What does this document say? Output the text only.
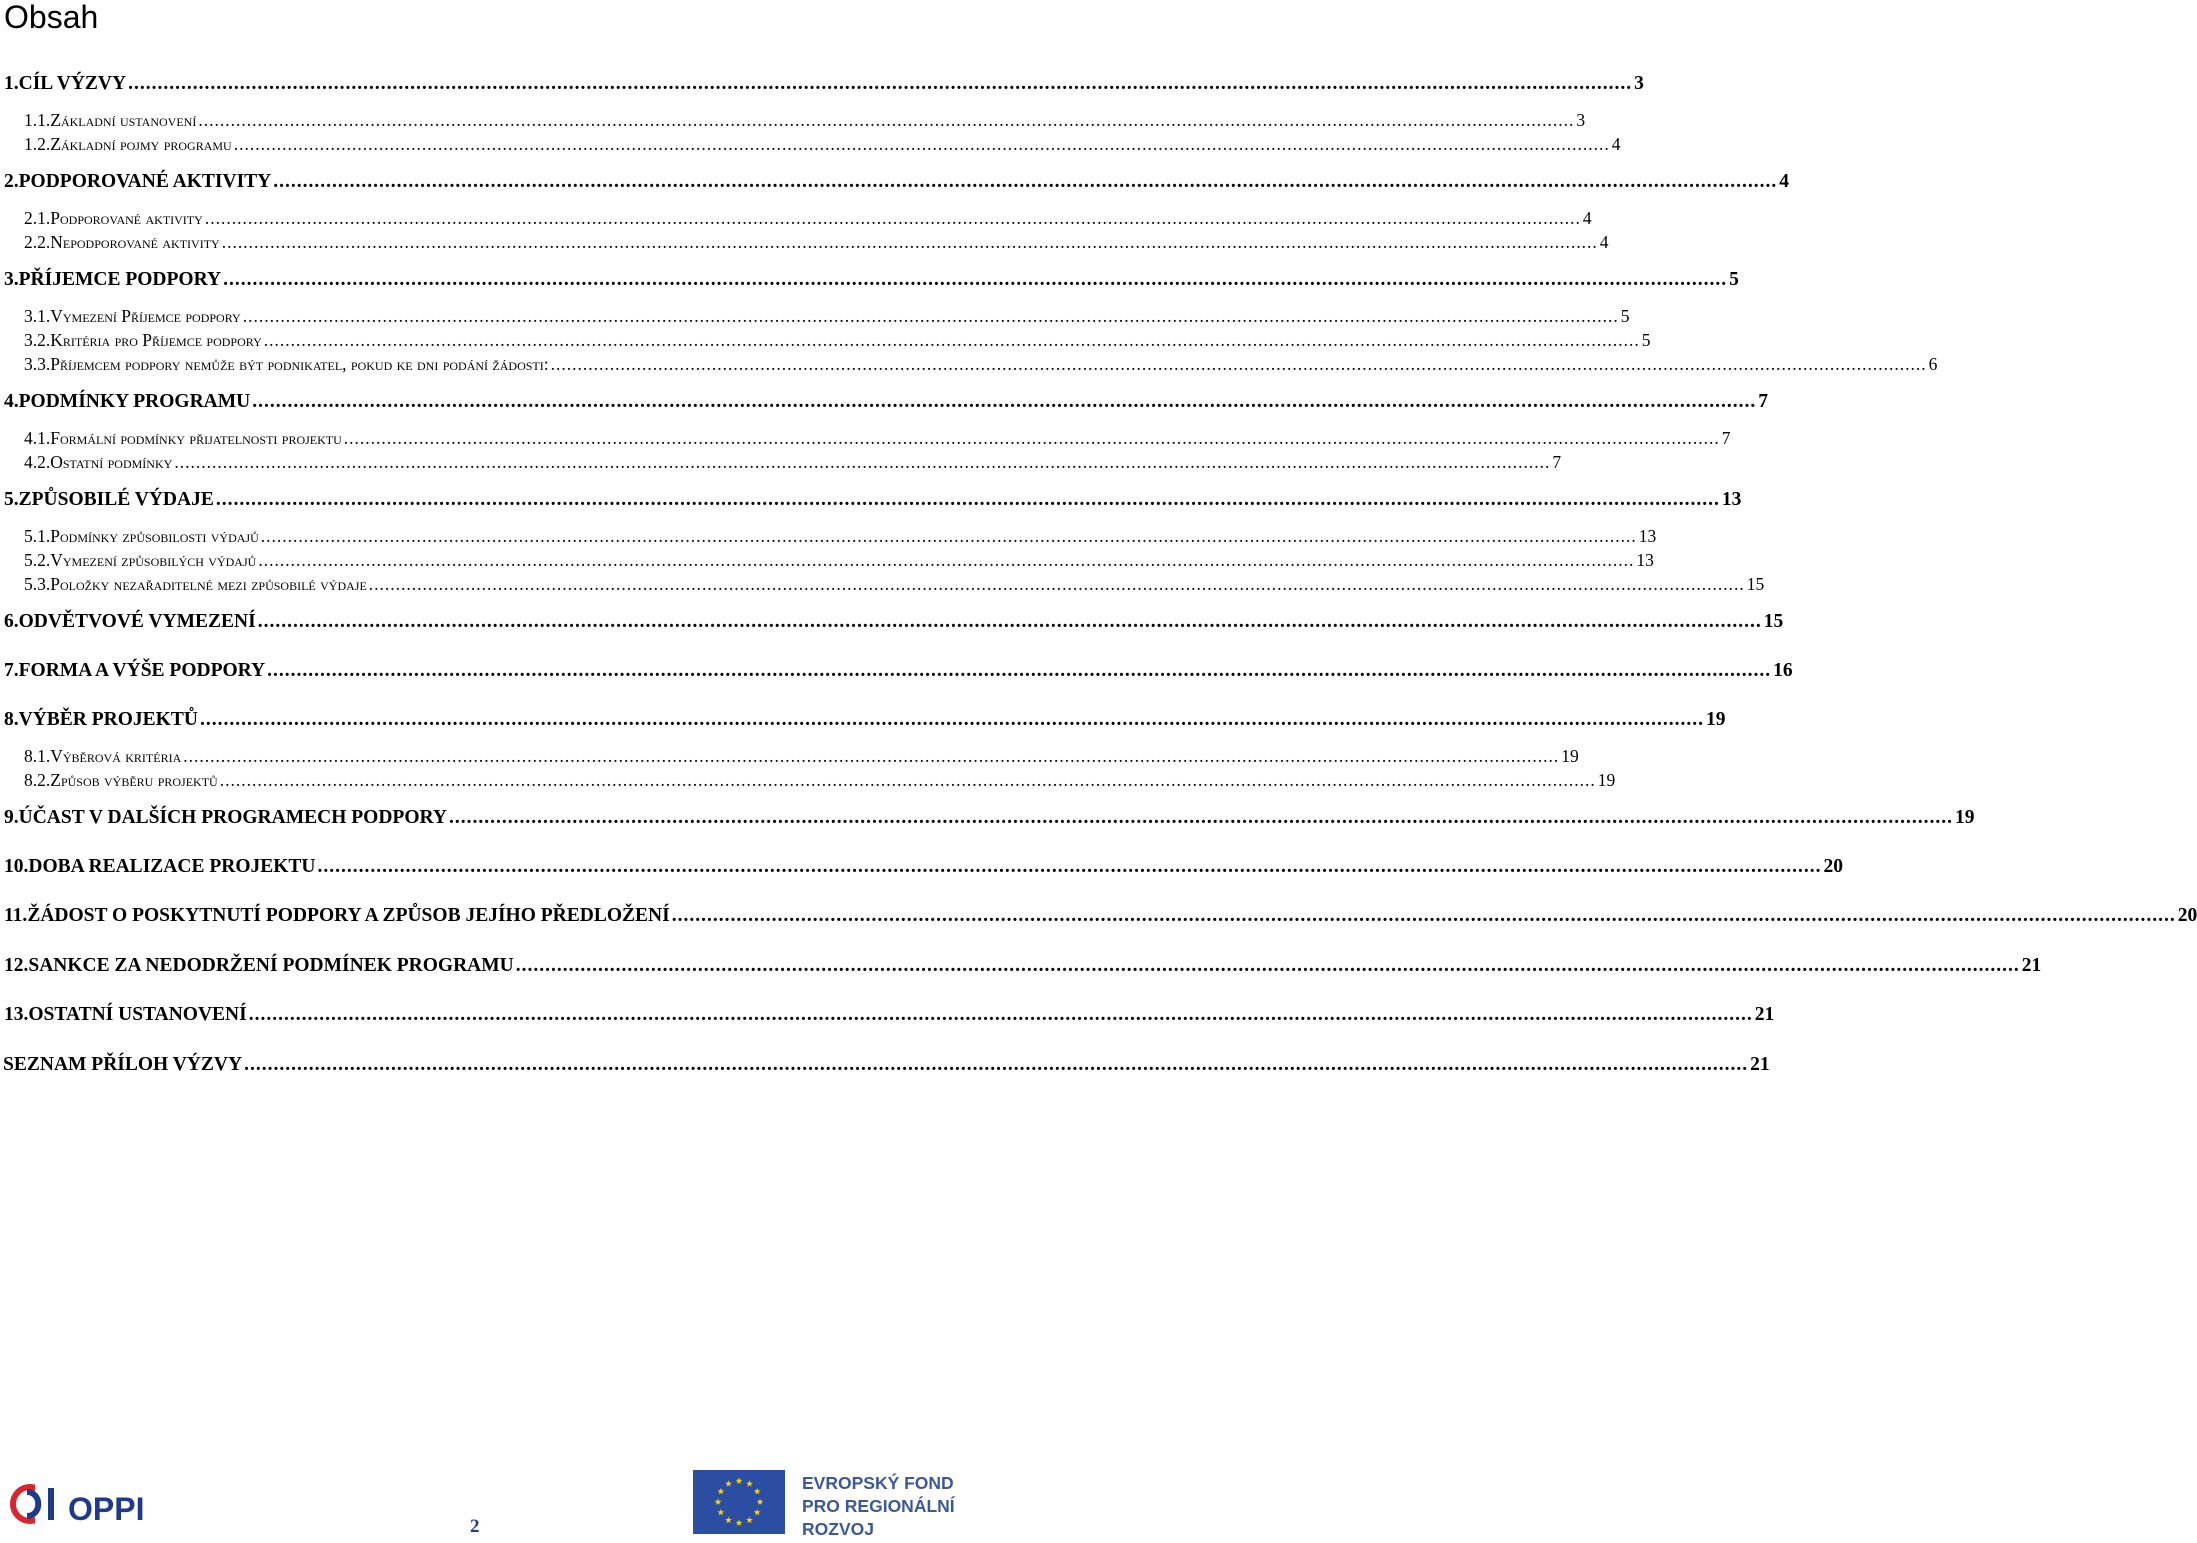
Obsah
1. CÍL VÝZVY .....	3
1.1. Základní ustanovení .....	3
1.2. Základní pojmy programu .....	4
2. PODPOROVANÉ AKTIVITY .....	4
2.1. Podporované aktivity .....	4
2.2. Nepodporované aktivity .....	4
3. PŘÍJEMCE PODPORY .....	5
3.1. Vymezení Příjemce podpory .....	5
3.2. Kritéria pro Příjemce podpory .....	5
3.3. Příjemcem podpory nemůže být podnikatel, pokud ke dni podání žádosti: .....	6
4. PODMÍNKY PROGRAMU .....	7
4.1. Formální podmínky přijatelnosti projektu .....	7
4.2. Ostatní podmínky .....	7
5. ZPŮSOBILÉ VÝDAJE .....	13
5.1. Podmínky způsobilosti výdajů .....	13
5.2. Vymezení způsobilých výdajů .....	13
5.3. Položky nezařaditelné mezi způsobilé výdaje .....	15
6. ODVĚTVOVÉ VYMEZENÍ .....	15
7. FORMA A VÝŠE PODPORY .....	16
8. VÝBĚR PROJEKTŮ .....	19
8.1. Výběrová kritéria .....	19
8.2. Způsob výběru projektů .....	19
9. ÚČAST V DALŠÍCH PROGRAMECH PODPORY .....	19
10. DOBA REALIZACE PROJEKTU .....	20
11. ŽÁDOST O POSKYTNUTÍ PODPORY A ZPŮSOB JEJÍHO PŘEDLOŽENÍ .....	20
12. SANKCE ZA NEDODRŽENÍ PODMÍNEK PROGRAMU .....	21
13. OSTATNÍ USTANOVENÍ .....	21
SEZNAM PŘÍLOH VÝZVY .....	21
OPPI	2
EVROPSKÝ FOND
PRO REGIONÁLNÍ
ROZVOJ
